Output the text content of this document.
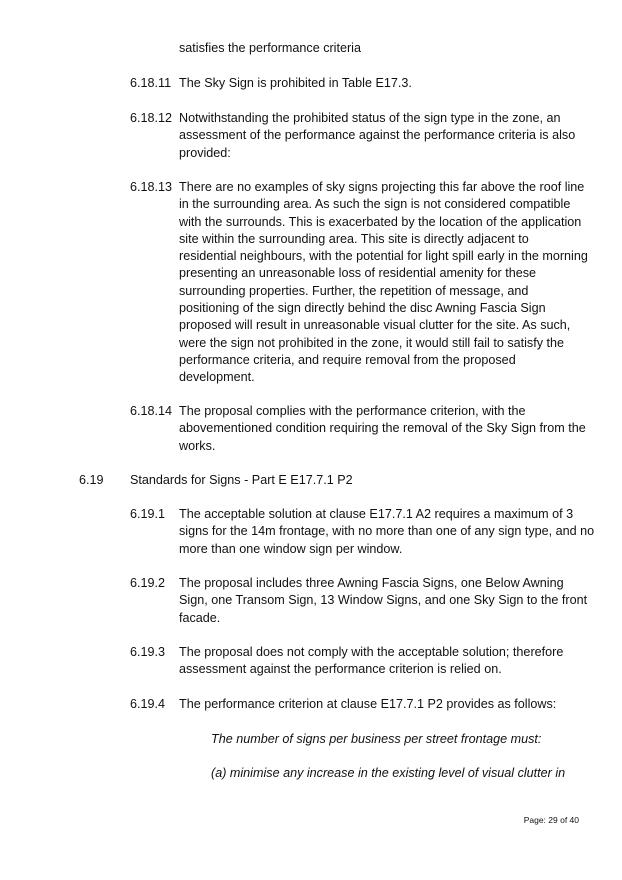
satisfies the performance criteria
6.18.11 The Sky Sign is prohibited in Table E17.3.
6.18.12 Notwithstanding the prohibited status of the sign type in the zone, an
assessment of the performance against the performance criteria is also
provided:
6.18.13 There are no examples of sky signs projecting this far above the roof line
in the surrounding area. As such the sign is not considered compatible
with the surrounds. This is exacerbated by the location of the application
site within the surrounding area. This site is directly adjacent to
residential neighbours, with the potential for light spill early in the morning
presenting an unreasonable loss of residential amenity for these
surrounding properties. Further, the repetition of message, and
positioning of the sign directly behind the disc Awning Fascia Sign
proposed will result in unreasonable visual clutter for the site. As such,
were the sign not prohibited in the zone, it would still fail to satisfy the
performance criteria, and require removal from the proposed
development.
6.18.14 The proposal complies with the performance criterion, with the
abovementioned condition requiring the removal of the Sky Sign from the
works.
6.19 Standards for Signs - Part E E17.7.1 P2
6.19.1 The acceptable solution at clause E17.7.1 A2 requires a maximum of 3
signs for the 14m frontage, with no more than one of any sign type, and no
more than one window sign per window.
6.19.2 The proposal includes three Awning Fascia Signs, one Below Awning
Sign, one Transom Sign, 13 Window Signs, and one Sky Sign to the front
facade.
6.19.3 The proposal does not comply with the acceptable solution; therefore
assessment against the performance criterion is relied on.
6.19.4 The performance criterion at clause E17.7.1 P2 provides as follows:
The number of signs per business per street frontage must:
(a) minimise any increase in the existing level of visual clutter in
Page: 29 of 40
